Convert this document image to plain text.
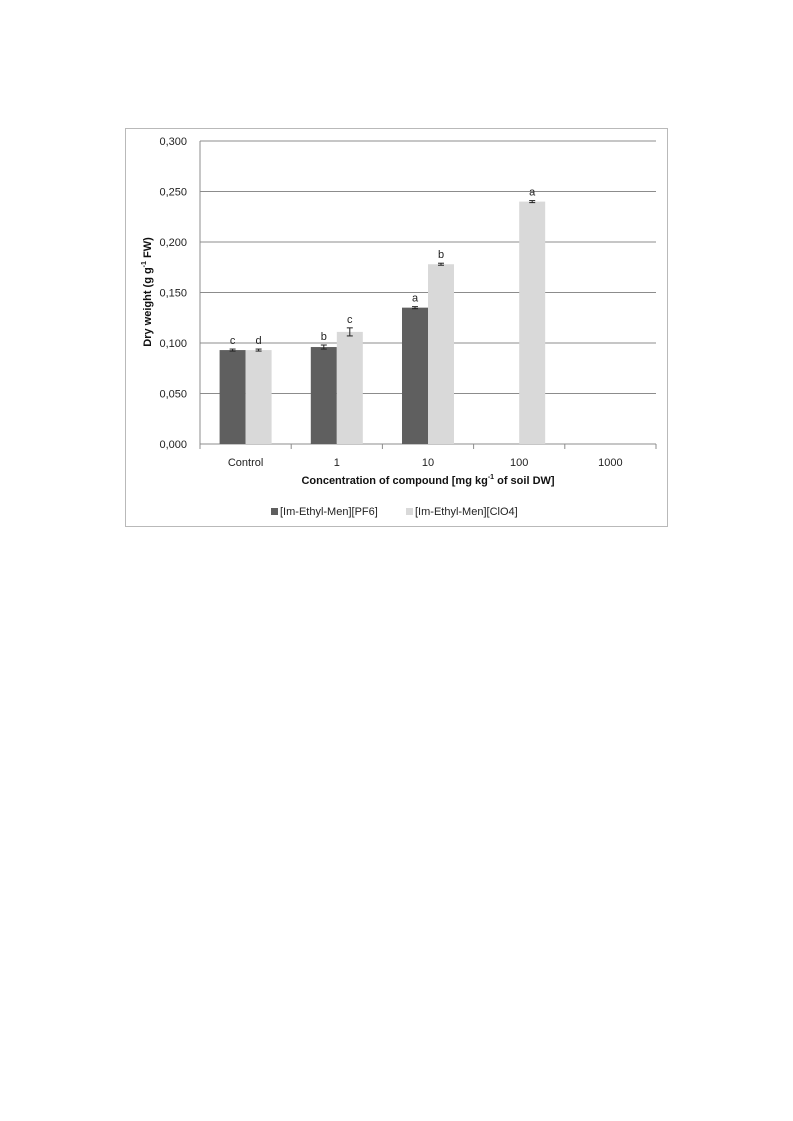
0,000
0,050
0,100
0,150
0,200
0,250
0,300
c	b
a
d
c
b
a
Control	1	10	100	1000
Concentration of compound [mg $kg^{-1}$ of soil DW]
Dry weight (g $g^{-1}$ FW)
[Im-Ethyl-Men][PF6]	[Im-Ethyl-Men][ClO4]
